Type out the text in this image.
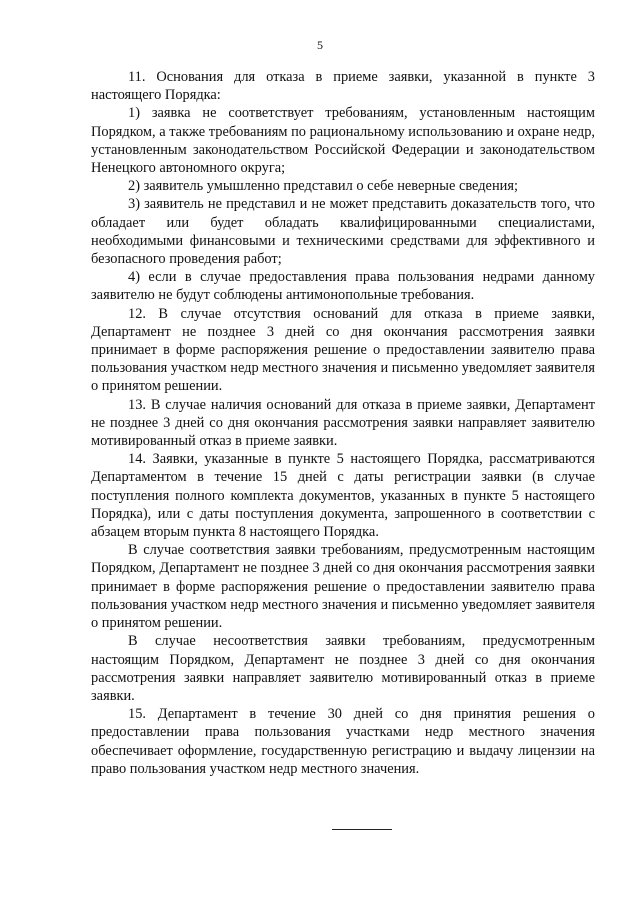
5

11. Основания для отказа в приеме заявки, указанной в пункте 3 настоящего Порядка:

1) заявка не соответствует требованиям, установленным настоящим Порядком, а также требованиям по рациональному использованию и охране недр, установленным законодательством Российской Федерации и законодательством Ненецкого автономного округа;

2) заявитель умышленно представил о себе неверные сведения;

3) заявитель не представил и не может представить доказательств того, что обладает или будет обладать квалифицированными специалистами, необходимыми финансовыми и техническими средствами для эффективного и безопасного проведения работ;

4) если в случае предоставления права пользования недрами данному заявителю не будут соблюдены антимонопольные требования.

12. В случае отсутствия оснований для отказа в приеме заявки, Департамент не позднее 3 дней со дня окончания рассмотрения заявки принимает в форме распоряжения решение о предоставлении заявителю права пользования участком недр местного значения и письменно уведомляет заявителя о принятом решении.

13. В случае наличия оснований для отказа в приеме заявки, Департамент не позднее 3 дней со дня окончания рассмотрения заявки направляет заявителю мотивированный отказ в приеме заявки.

14. Заявки, указанные в пункте 5 настоящего Порядка, рассматриваются Департаментом в течение 15 дней с даты регистрации заявки (в случае поступления полного комплекта документов, указанных в пункте 5 настоящего Порядка), или с даты поступления документа, запрошенного в соответствии с абзацем вторым пункта 8 настоящего Порядка.

В случае соответствия заявки требованиям, предусмотренным настоящим Порядком, Департамент не позднее 3 дней со дня окончания рассмотрения заявки принимает в форме распоряжения решение о предоставлении заявителю права пользования участком недр местного значения и письменно уведомляет заявителя о принятом решении.

В случае несоответствия заявки требованиям, предусмотренным настоящим Порядком, Департамент не позднее 3 дней со дня окончания рассмотрения заявки направляет заявителю мотивированный отказ в приеме заявки.

15. Департамент в течение 30 дней со дня принятия решения о предоставлении права пользования участками недр местного значения обеспечивает оформление, государственную регистрацию и выдачу лицензии на право пользования участком недр местного значения.
